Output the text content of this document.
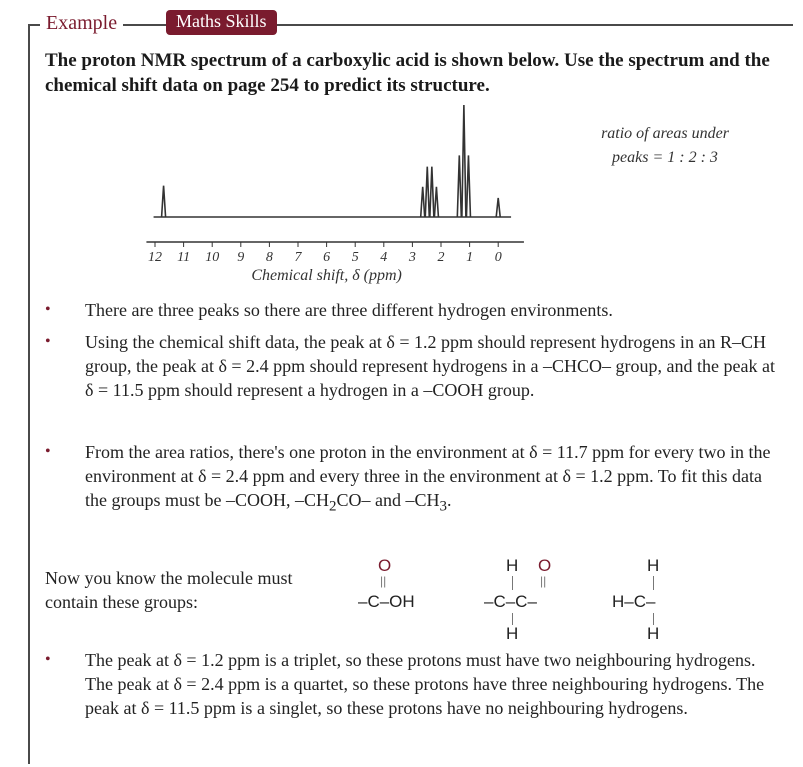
Example	Maths Skills
The proton NMR spectrum of a carboxylic acid is shown below. Use the spectrum and the chemical shift data on page 254 to predict its structure.
12 11 10 9 8 7 6 5 4 3 2 1 0
Chemical shift, δ (ppm)
ratio of areas under
peaks = 1 : 2 : 3
• There are three peaks so there are three different hydrogen environments.
• Using the chemical shift data, the peak at δ = 1.2 ppm should represent hydrogens in an R–CH group, the peak at δ = 2.4 ppm should represent hydrogens in a –CHCO– group, and the peak at δ = 11.5 ppm should represent a hydrogen in a –COOH group.
• From the area ratios, there's one proton in the environment at δ = 11.7 ppm for every two in the environment at δ = 2.4 ppm and every three in the environment at δ = 1.2 ppm. To fit this data the groups must be –COOH, $-CH_2CO-$ and $-CH_3$.
Now you know the molecule must contain these groups:
O
||
–C–OH
H O
||
–C–C–
H
H
H–C–
H
• The peak at δ = 1.2 ppm is a triplet, so these protons must have two neighbouring hydrogens. The peak at δ = 2.4 ppm is a quartet, so these protons have three neighbouring hydrogens. The peak at δ = 11.5 ppm is a singlet, so these protons have no neighbouring hydrogens.
